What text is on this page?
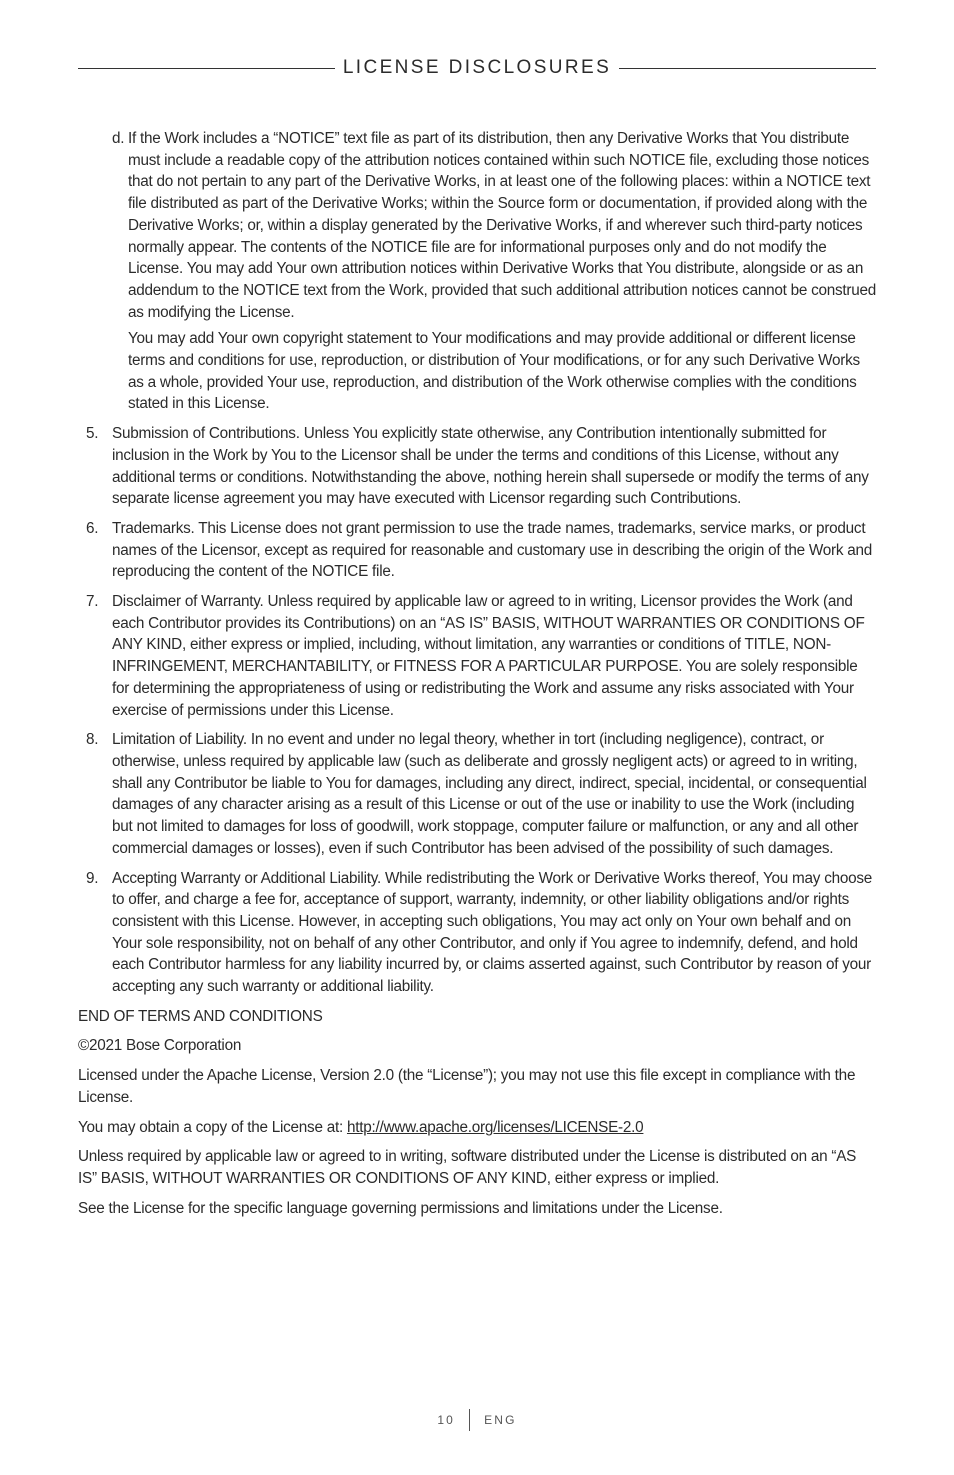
LICENSE DISCLOSURES
d. If the Work includes a “NOTICE” text file as part of its distribution, then any Derivative Works that You distribute must include a readable copy of the attribution notices contained within such NOTICE file, excluding those notices that do not pertain to any part of the Derivative Works, in at least one of the following places: within a NOTICE text file distributed as part of the Derivative Works; within the Source form or documentation, if provided along with the Derivative Works; or, within a display generated by the Derivative Works, if and wherever such third-party notices normally appear. The contents of the NOTICE file are for informational purposes only and do not modify the License. You may add Your own attribution notices within Derivative Works that You distribute, alongside or as an addendum to the NOTICE text from the Work, provided that such additional attribution notices cannot be construed as modifying the License.

You may add Your own copyright statement to Your modifications and may provide additional or different license terms and conditions for use, reproduction, or distribution of Your modifications, or for any such Derivative Works as a whole, provided Your use, reproduction, and distribution of the Work otherwise complies with the conditions stated in this License.

5. Submission of Contributions. Unless You explicitly state otherwise, any Contribution intentionally submitted for inclusion in the Work by You to the Licensor shall be under the terms and conditions of this License, without any additional terms or conditions. Notwithstanding the above, nothing herein shall supersede or modify the terms of any separate license agreement you may have executed with Licensor regarding such Contributions.
6. Trademarks. This License does not grant permission to use the trade names, trademarks, service marks, or product names of the Licensor, except as required for reasonable and customary use in describing the origin of the Work and reproducing the content of the NOTICE file.
7. Disclaimer of Warranty. Unless required by applicable law or agreed to in writing, Licensor provides the Work (and each Contributor provides its Contributions) on an “AS IS” BASIS, WITHOUT WARRANTIES OR CONDITIONS OF ANY KIND, either express or implied, including, without limitation, any warranties or conditions of TITLE, NON-INFRINGEMENT, MERCHANTABILITY, or FITNESS FOR A PARTICULAR PURPOSE. You are solely responsible for determining the appropriateness of using or redistributing the Work and assume any risks associated with Your exercise of permissions under this License.
8. Limitation of Liability. In no event and under no legal theory, whether in tort (including negligence), contract, or otherwise, unless required by applicable law (such as deliberate and grossly negligent acts) or agreed to in writing, shall any Contributor be liable to You for damages, including any direct, indirect, special, incidental, or consequential damages of any character arising as a result of this License or out of the use or inability to use the Work (including but not limited to damages for loss of goodwill, work stoppage, computer failure or malfunction, or any and all other commercial damages or losses), even if such Contributor has been advised of the possibility of such damages.
9. Accepting Warranty or Additional Liability. While redistributing the Work or Derivative Works thereof, You may choose to offer, and charge a fee for, acceptance of support, warranty, indemnity, or other liability obligations and/or rights consistent with this License. However, in accepting such obligations, You may act only on Your own behalf and on Your sole responsibility, not on behalf of any other Contributor, and only if You agree to indemnify, defend, and hold each Contributor harmless for any liability incurred by, or claims asserted against, such Contributor by reason of your accepting any such warranty or additional liability.

END OF TERMS AND CONDITIONS

©2021 Bose Corporation

Licensed under the Apache License, Version 2.0 (the “License”); you may not use this file except in compliance with the License.

You may obtain a copy of the License at: http://www.apache.org/licenses/LICENSE-2.0

Unless required by applicable law or agreed to in writing, software distributed under the License is distributed on an “AS IS” BASIS, WITHOUT WARRANTIES OR CONDITIONS OF ANY KIND, either express or implied.

See the License for the specific language governing permissions and limitations under the License.

10 ENG
